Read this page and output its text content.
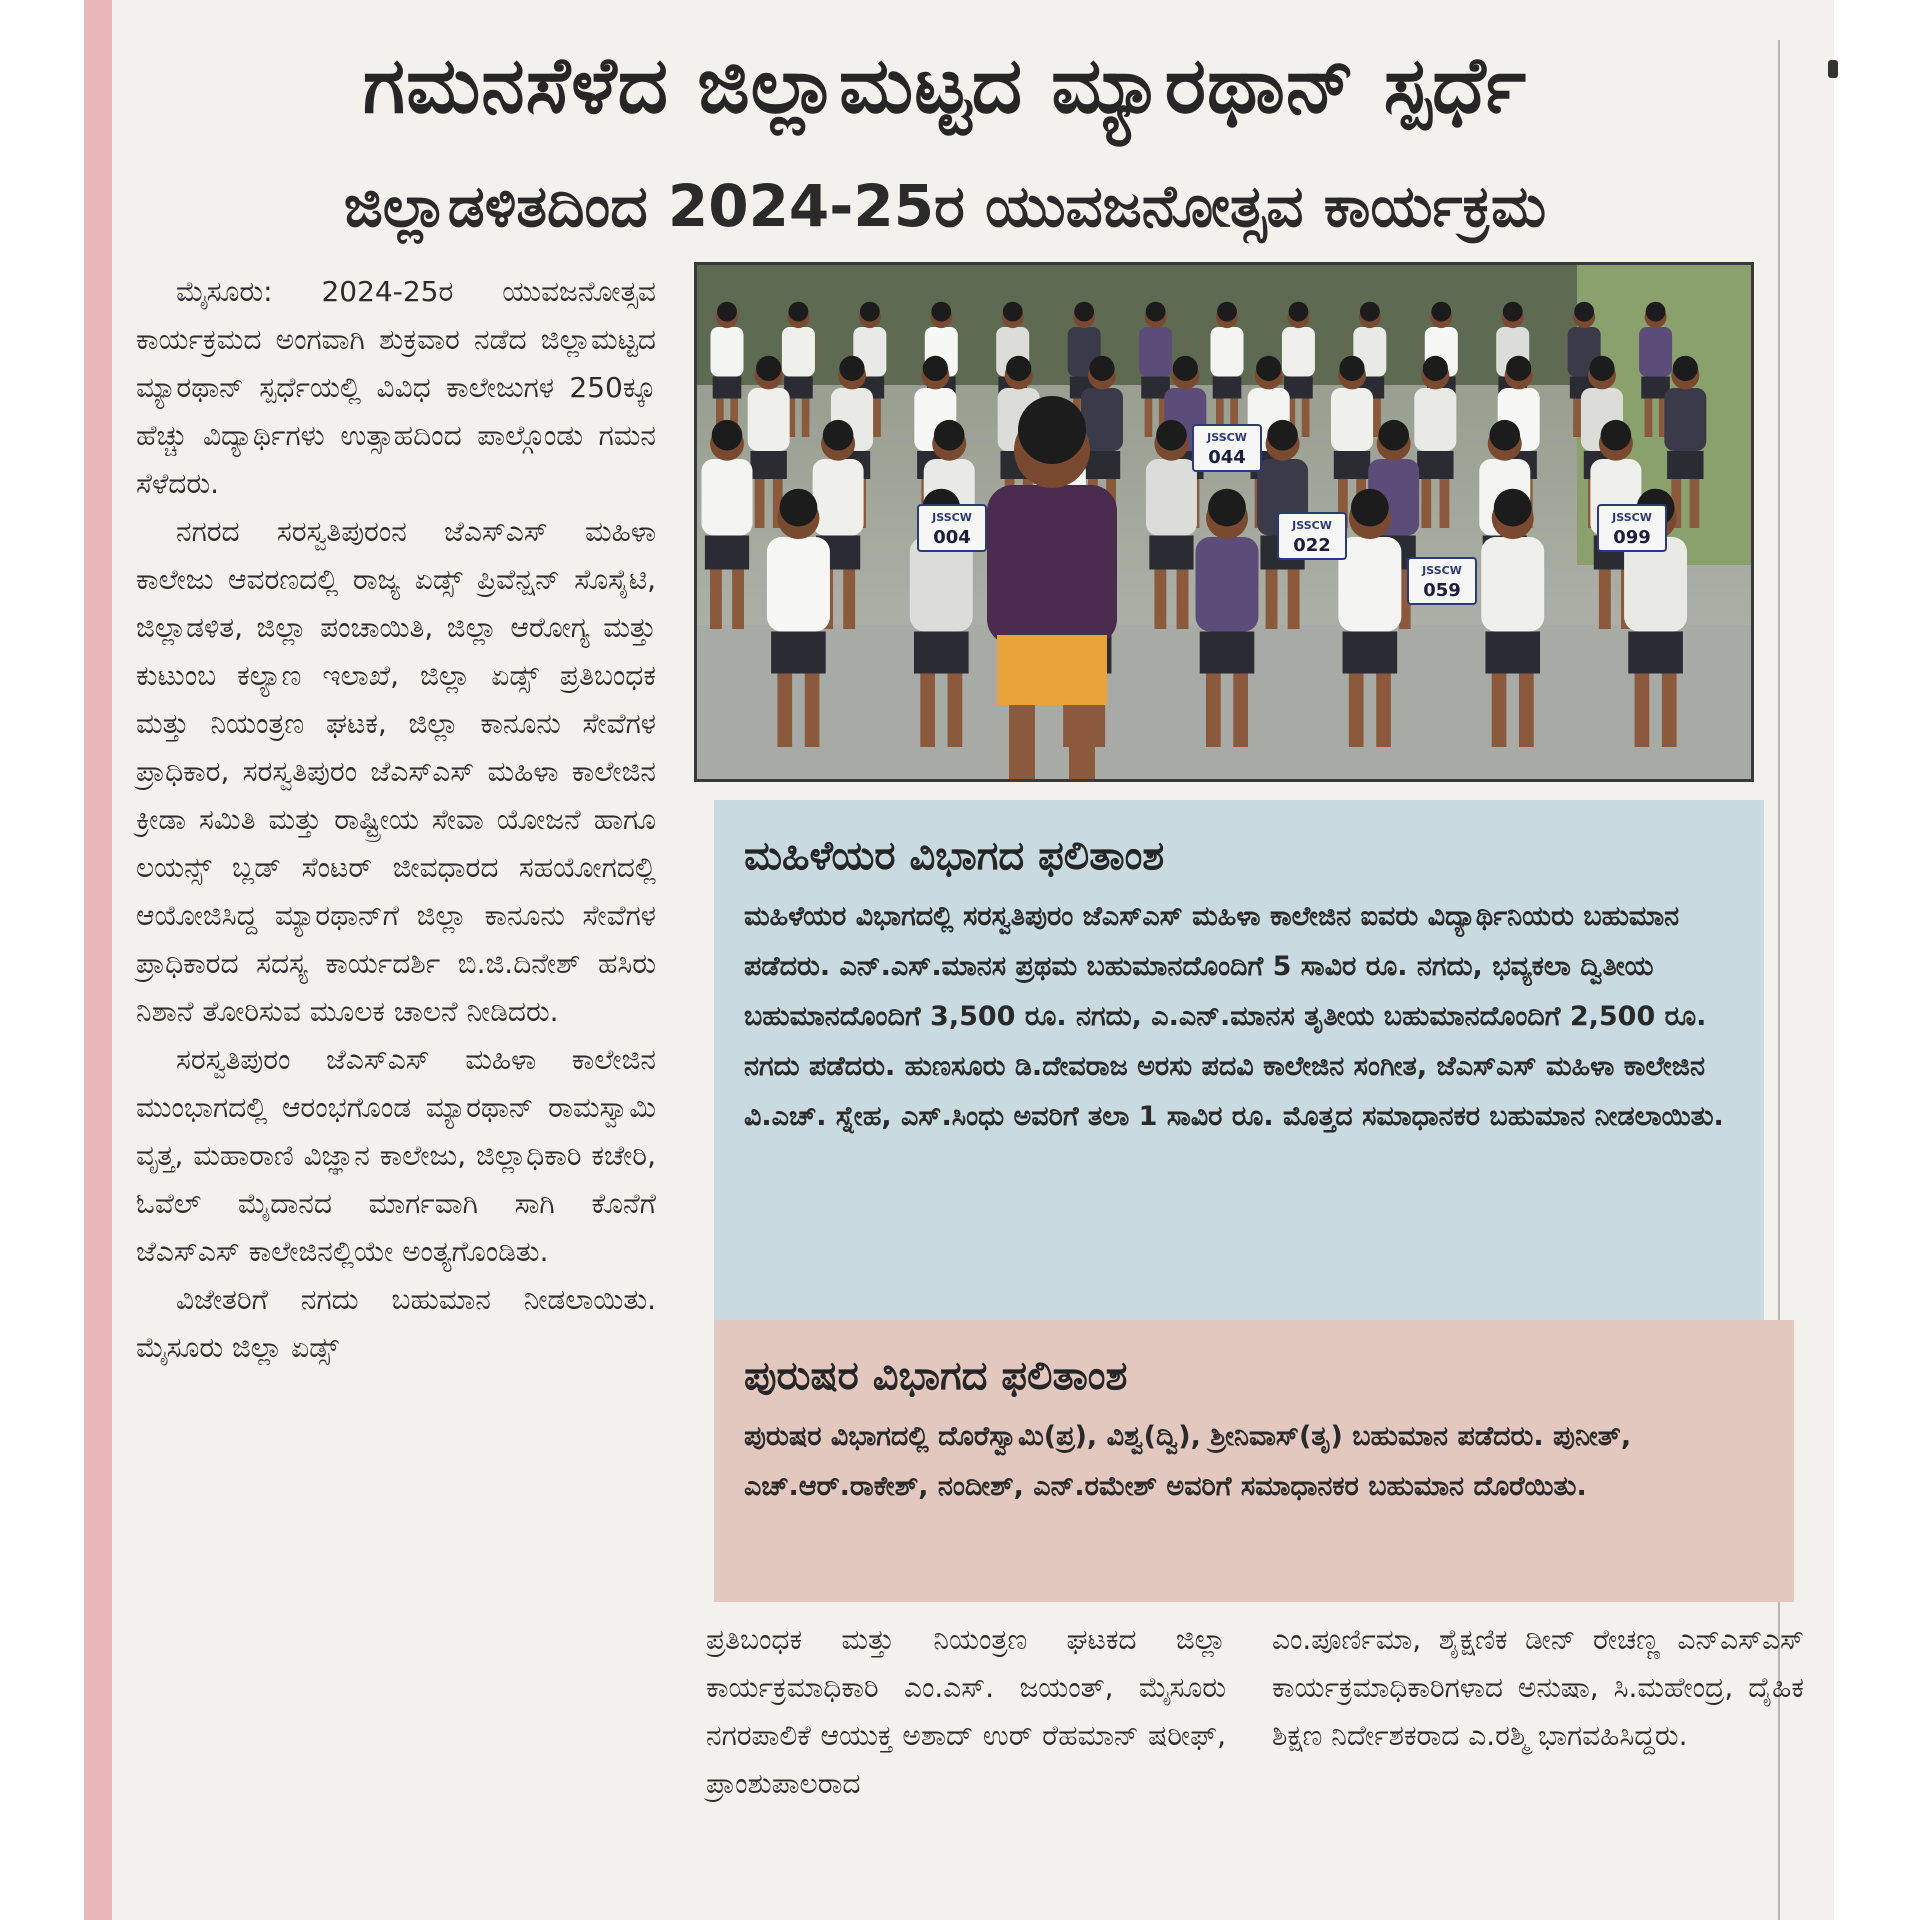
ಗಮನಸೆಳೆದ ಜಿಲ್ಲಾಮಟ್ಟದ ಮ್ಯಾರಥಾನ್ ಸ್ಪರ್ಧೆ
ಜಿಲ್ಲಾಡಳಿತದಿಂದ 2024-25ರ ಯುವಜನೋತ್ಸವ ಕಾರ್ಯಕ್ರಮ

ಮೈಸೂರು: 2024-25ರ ಯುವಜನೋತ್ಸವ ಕಾರ್ಯಕ್ರಮದ ಅಂಗವಾಗಿ ಶುಕ್ರವಾರ ನಡೆದ ಜಿಲ್ಲಾಮಟ್ಟದ ಮ್ಯಾರಥಾನ್ ಸ್ಪರ್ಧೆಯಲ್ಲಿ ವಿವಿಧ ಕಾಲೇಜುಗಳ 250ಕ್ಕೂ ಹೆಚ್ಚು ವಿದ್ಯಾರ್ಥಿಗಳು ಉತ್ಸಾಹದಿಂದ ಪಾಲ್ಗೊಂಡು ಗಮನ ಸೆಳೆದರು.

ನಗರದ ಸರಸ್ವತಿಪುರಂನ ಜೆಎಸ್ಎಸ್ ಮಹಿಳಾ ಕಾಲೇಜು ಆವರಣದಲ್ಲಿ ರಾಜ್ಯ ಏಡ್ಸ್ ಪ್ರಿವೆನ್ಷನ್ ಸೊಸೈಟಿ, ಜಿಲ್ಲಾಡಳಿತ, ಜಿಲ್ಲಾ ಪಂಚಾಯಿತಿ, ಜಿಲ್ಲಾ ಆರೋಗ್ಯ ಮತ್ತು ಕುಟುಂಬ ಕಲ್ಯಾಣ ಇಲಾಖೆ, ಜಿಲ್ಲಾ ಏಡ್ಸ್ ಪ್ರತಿಬಂಧಕ ಮತ್ತು ನಿಯಂತ್ರಣ ಘಟಕ, ಜಿಲ್ಲಾ ಕಾನೂನು ಸೇವೆಗಳ ಪ್ರಾಧಿಕಾರ, ಸರಸ್ವತಿಪುರಂ ಜೆಎಸ್ಎಸ್ ಮಹಿಳಾ ಕಾಲೇಜಿನ ಕ್ರೀಡಾ ಸಮಿತಿ ಮತ್ತು ರಾಷ್ಟ್ರೀಯ ಸೇವಾ ಯೋಜನೆ ಹಾಗೂ ಲಯನ್ಸ್ ಬ್ಲಡ್ ಸೆಂಟರ್ ಜೀವಧಾರದ ಸಹಯೋಗದಲ್ಲಿ ಆಯೋಜಿಸಿದ್ದ ಮ್ಯಾರಥಾನ್‌ಗೆ ಜಿಲ್ಲಾ ಕಾನೂನು ಸೇವೆಗಳ ಪ್ರಾಧಿಕಾರದ ಸದಸ್ಯ ಕಾರ್ಯದರ್ಶಿ ಬಿ.ಜಿ.ದಿನೇಶ್ ಹಸಿರು ನಿಶಾನೆ ತೋರಿಸುವ ಮೂಲಕ ಚಾಲನೆ ನೀಡಿದರು.

ಸರಸ್ವತಿಪುರಂ ಜೆಎಸ್ಎಸ್ ಮಹಿಳಾ ಕಾಲೇಜಿನ ಮುಂಭಾಗದಲ್ಲಿ ಆರಂಭಗೊಂಡ ಮ್ಯಾರಥಾನ್ ರಾಮಸ್ವಾಮಿ ವೃತ್ತ, ಮಹಾರಾಣಿ ವಿಜ್ಞಾನ ಕಾಲೇಜು, ಜಿಲ್ಲಾಧಿಕಾರಿ ಕಚೇರಿ, ಓವೆಲ್ ಮೈದಾನದ ಮಾರ್ಗವಾಗಿ ಸಾಗಿ ಕೊನೆಗೆ ಜೆಎಸ್ಎಸ್ ಕಾಲೇಜಿನಲ್ಲಿಯೇ ಅಂತ್ಯಗೊಂಡಿತು.

ವಿಜೇತರಿಗೆ ನಗದು ಬಹುಮಾನ ನೀಡಲಾಯಿತು. ಮೈಸೂರು ಜಿಲ್ಲಾ ಏಡ್ಸ್

JSSCW
004
JSSCW
022
JSSCW
044
JSSCW
059
JSSCW
099
ಮಹಿಳೆಯರ ವಿಭಾಗದ ಫಲಿತಾಂಶ

ಮಹಿಳೆಯರ ವಿಭಾಗದಲ್ಲಿ ಸರಸ್ವತಿಪುರಂ ಜೆಎಸ್ಎಸ್ ಮಹಿಳಾ ಕಾಲೇಜಿನ ಐವರು ವಿದ್ಯಾರ್ಥಿನಿಯರು ಬಹುಮಾನ ಪಡೆದರು. ಎನ್.ಎಸ್.ಮಾನಸ ಪ್ರಥಮ ಬಹುಮಾನದೊಂದಿಗೆ 5 ಸಾವಿರ ರೂ. ನಗದು, ಭವ್ಯಕಲಾ ದ್ವಿತೀಯ ಬಹುಮಾನದೊಂದಿಗೆ 3,500 ರೂ. ನಗದು, ಎ.ಎನ್.ಮಾನಸ ತೃತೀಯ ಬಹುಮಾನದೊಂದಿಗೆ 2,500 ರೂ. ನಗದು ಪಡೆದರು. ಹುಣಸೂರು ಡಿ.ದೇವರಾಜ ಅರಸು ಪದವಿ ಕಾಲೇಜಿನ ಸಂಗೀತ, ಜೆಎಸ್ಎಸ್ ಮಹಿಳಾ ಕಾಲೇಜಿನ ವಿ.ಎಚ್. ಸ್ನೇಹ, ಎಸ್.ಸಿಂಧು ಅವರಿಗೆ ತಲಾ 1 ಸಾವಿರ ರೂ. ಮೊತ್ತದ ಸಮಾಧಾನಕರ ಬಹುಮಾನ ನೀಡಲಾಯಿತು.

ಪುರುಷರ ವಿಭಾಗದ ಫಲಿತಾಂಶ

ಪುರುಷರ ವಿಭಾಗದಲ್ಲಿ ದೊರೆಸ್ವಾಮಿ(ಪ್ರ), ವಿಶ್ವ(ದ್ವಿ), ಶ್ರೀನಿವಾಸ್(ತೃ) ಬಹುಮಾನ ಪಡೆದರು. ಪುನೀತ್, ಎಚ್.ಆರ್.ರಾಕೇಶ್, ನಂದೀಶ್, ಎನ್.ರಮೇಶ್ ಅವರಿಗೆ ಸಮಾಧಾನಕರ ಬಹುಮಾನ ದೊರೆಯಿತು.

ಪ್ರತಿಬಂಧಕ ಮತ್ತು ನಿಯಂತ್ರಣ ಘಟಕದ ಜಿಲ್ಲಾ ಕಾರ್ಯಕ್ರಮಾಧಿಕಾರಿ ಎಂ.ಎಸ್. ಜಯಂತ್, ಮೈಸೂರು ನಗರಪಾಲಿಕೆ ಆಯುಕ್ತ ಅಶಾದ್ ಉರ್ ರೆಹಮಾನ್ ಷರೀಫ್, ಪ್ರಾಂಶುಪಾಲರಾದ

ಎಂ.ಪೂರ್ಣಿಮಾ, ಶೈಕ್ಷಣಿಕ ಡೀನ್ ರೇಚಣ್ಣ ಎನ್ಎಸ್ಎಸ್ ಕಾರ್ಯಕ್ರಮಾಧಿಕಾರಿಗಳಾದ ಅನುಷಾ, ಸಿ.ಮಹೇಂದ್ರ, ದೈಹಿಕ ಶಿಕ್ಷಣ ನಿರ್ದೇಶಕರಾದ ಎ.ರಶ್ಮಿ ಭಾಗವಹಿಸಿದ್ದರು.
